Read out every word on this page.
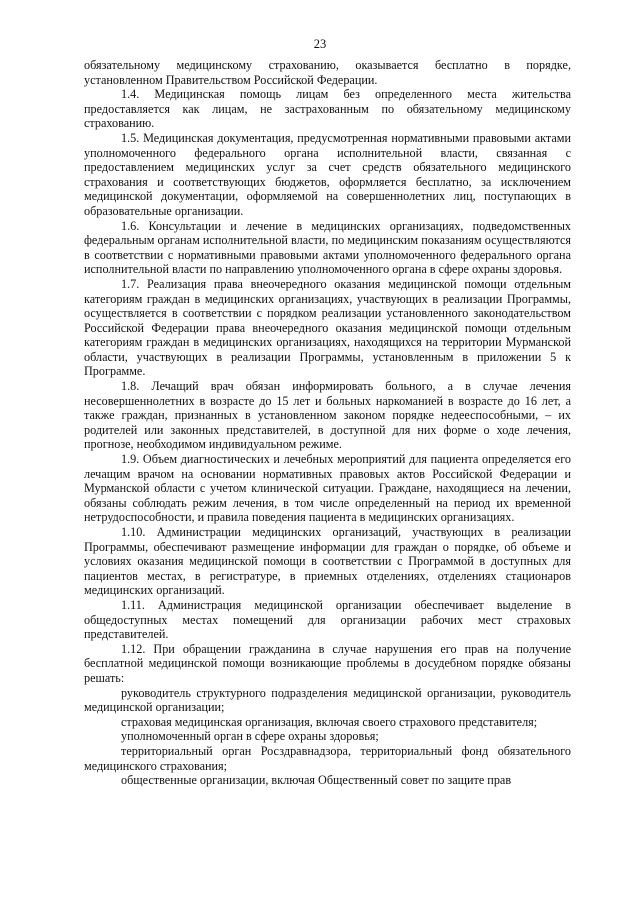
23

обязательному медицинскому страхованию, оказывается бесплатно в порядке, установленном Правительством Российской Федерации.

1.4. Медицинская помощь лицам без определенного места жительства предоставляется как лицам, не застрахованным по обязательному медицинскому страхованию.

1.5. Медицинская документация, предусмотренная нормативными правовыми актами уполномоченного федерального органа исполнительной власти, связанная с предоставлением медицинских услуг за счет средств обязательного медицинского страхования и соответствующих бюджетов, оформляется бесплатно, за исключением медицинской документации, оформляемой на совершеннолетних лиц, поступающих в образовательные организации.

1.6. Консультации и лечение в медицинских организациях, подведомственных федеральным органам исполнительной власти, по медицинским показаниям осуществляются в соответствии с нормативными правовыми актами уполномоченного федерального органа исполнительной власти по направлению уполномоченного органа в сфере охраны здоровья.

1.7. Реализация права внеочередного оказания медицинской помощи отдельным категориям граждан в медицинских организациях, участвующих в реализации Программы, осуществляется в соответствии с порядком реализации установленного законодательством Российской Федерации права внеочередного оказания медицинской помощи отдельным категориям граждан в медицинских организациях, находящихся на территории Мурманской области, участвующих в реализации Программы, установленным в приложении 5 к Программе.

1.8. Лечащий врач обязан информировать больного, а в случае лечения несовершеннолетних в возрасте до 15 лет и больных наркоманией в возрасте до 16 лет, а также граждан, признанных в установленном законом порядке недееспособными, – их родителей или законных представителей, в доступной для них форме о ходе лечения, прогнозе, необходимом индивидуальном режиме.

1.9. Объем диагностических и лечебных мероприятий для пациента определяется его лечащим врачом на основании нормативных правовых актов Российской Федерации и Мурманской области с учетом клинической ситуации. Граждане, находящиеся на лечении, обязаны соблюдать режим лечения, в том числе определенный на период их временной нетрудоспособности, и правила поведения пациента в медицинских организациях.

1.10. Администрации медицинских организаций, участвующих в реализации Программы, обеспечивают размещение информации для граждан о порядке, об объеме и условиях оказания медицинской помощи в соответствии с Программой в доступных для пациентов местах, в регистратуре, в приемных отделениях, отделениях стационаров медицинских организаций.

1.11. Администрация медицинской организации обеспечивает выделение в общедоступных местах помещений для организации рабочих мест страховых представителей.

1.12. При обращении гражданина в случае нарушения его прав на получение бесплатной медицинской помощи возникающие проблемы в досудебном порядке обязаны решать:

руководитель структурного подразделения медицинской организации, руководитель медицинской организации;

страховая медицинская организация, включая своего страхового представителя;

уполномоченный орган в сфере охраны здоровья;

территориальный орган Росздравнадзора, территориальный фонд обязательного медицинского страхования;

общественные организации, включая Общественный совет по защите прав
